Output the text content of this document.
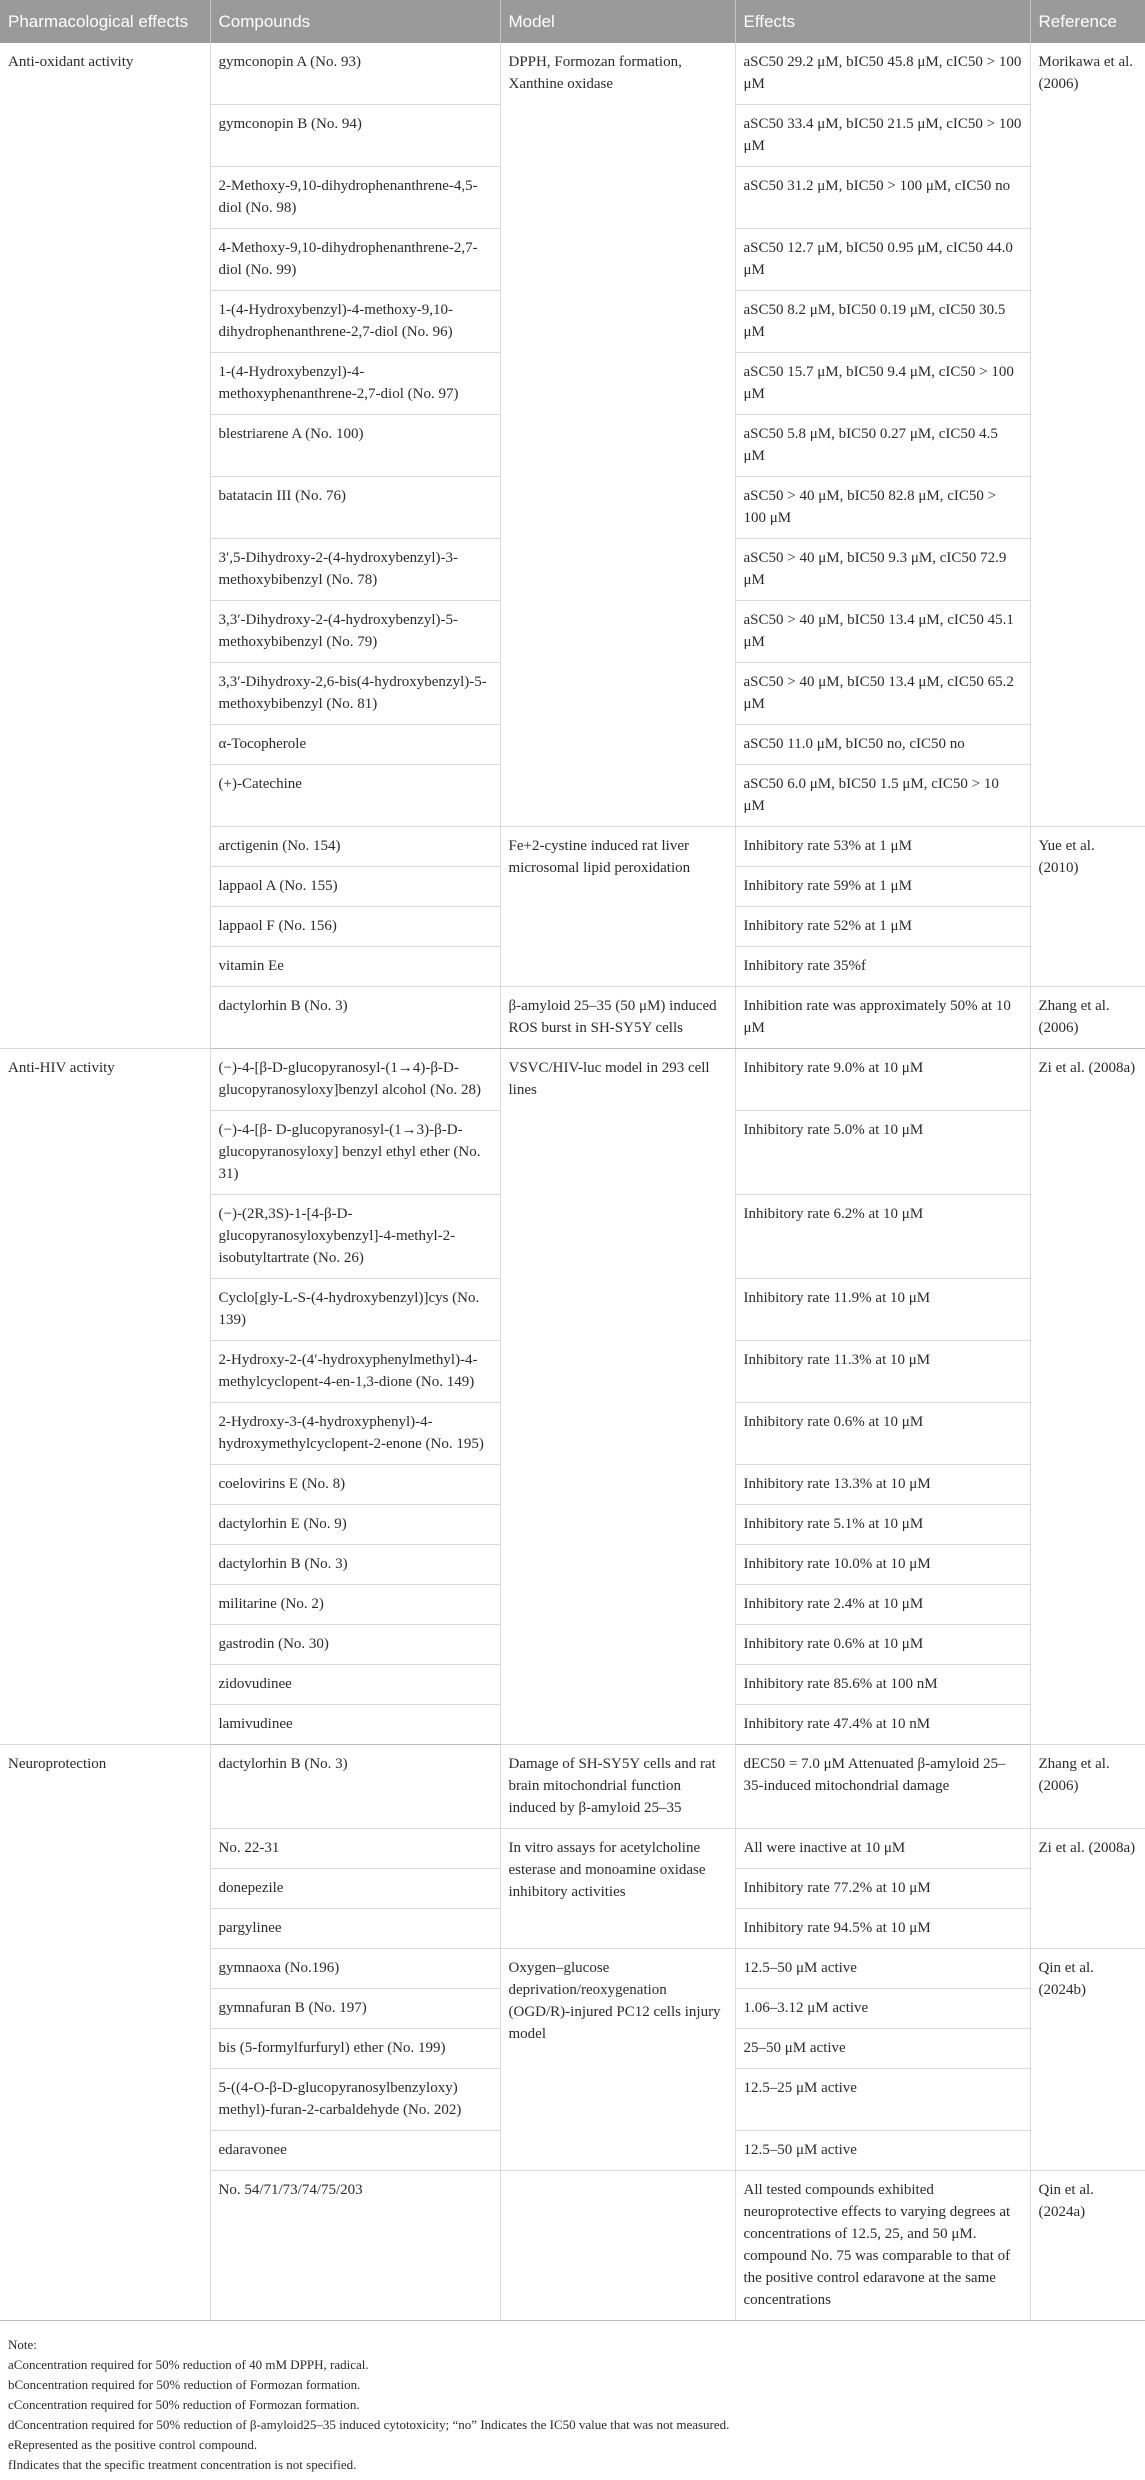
Pharmacological effects	Compounds	Model	Effects	Reference
Anti-oxidant activity	gymconopin A (No. 93)	DPPH, Formozan formation, Xanthine oxidase	aSC50 29.2 μM, bIC50 45.8 μM, cIC50 > 100 μM	Morikawa et al. (2006)
	gymconopin B (No. 94)		aSC50 33.4 μM, bIC50 21.5 μM, cIC50 > 100 μM	
	2-Methoxy-9,10-dihydrophenanthrene-4,5-diol (No. 98)		aSC50 31.2 μM, bIC50 > 100 μM, cIC50 no	
	4-Methoxy-9,10-dihydrophenanthrene-2,7-diol (No. 99)		aSC50 12.7 μM, bIC50 0.95 μM, cIC50 44.0 μM	
	1-(4-Hydroxybenzyl)-4-methoxy-9,10-dihydrophenanthrene-2,7-diol (No. 96)		aSC50 8.2 μM, bIC50 0.19 μM, cIC50 30.5 μM	
	1-(4-Hydroxybenzyl)-4-methoxyphenanthrene-2,7-diol (No. 97)		aSC50 15.7 μM, bIC50 9.4 μM, cIC50 > 100 μM	
	blestriarene A (No. 100)		aSC50 5.8 μM, bIC50 0.27 μM, cIC50 4.5 μM	
	batatacin III (No. 76)		aSC50 > 40 μM, bIC50 82.8 μM, cIC50 > 100 μM	
	3′,5-Dihydroxy-2-(4-hydroxybenzyl)-3-methoxybibenzyl (No. 78)		aSC50 > 40 μM, bIC50 9.3 μM, cIC50 72.9 μM	
	3,3′-Dihydroxy-2-(4-hydroxybenzyl)-5-methoxybibenzyl (No. 79)		aSC50 > 40 μM, bIC50 13.4 μM, cIC50 45.1 μM	
	3,3′-Dihydroxy-2,6-bis(4-hydroxybenzyl)-5-methoxybibenzyl (No. 81)		aSC50 > 40 μM, bIC50 13.4 μM, cIC50 65.2 μM	
	α-Tocopherole		aSC50 11.0 μM, bIC50 no, cIC50 no	
	(+)-Catechine		aSC50 6.0 μM, bIC50 1.5 μM, cIC50 > 10 μM	
	arctigenin (No. 154)	Fe+2-cystine induced rat liver microsomal lipid peroxidation	Inhibitory rate 53% at 1 μM	Yue et al. (2010)
	lappaol A (No. 155)		Inhibitory rate 59% at 1 μM	
	lappaol F (No. 156)		Inhibitory rate 52% at 1 μM	
	vitamin Ee		Inhibitory rate 35%f	
	dactylorhin B (No. 3)	β-amyloid 25–35 (50 μM) induced ROS burst in SH-SY5Y cells	Inhibition rate was approximately 50% at 10 μM	Zhang et al. (2006)
Anti-HIV activity	(−)-4-[β-D-glucopyranosyl-(1→4)-β-D-glucopyranosyloxy]benzyl alcohol (No. 28)	VSVC/HIV-luc model in 293 cell lines	Inhibitory rate 9.0% at 10 μM	Zi et al. (2008a)
	(−)-4-[β- D-glucopyranosyl-(1→3)-β-D-glucopyranosyloxy] benzyl ethyl ether (No. 31)		Inhibitory rate 5.0% at 10 μM	
	(−)-(2R,3S)-1-[4-β-D-glucopyranosyloxybenzyl]-4-methyl-2-isobutyltartrate (No. 26)		Inhibitory rate 6.2% at 10 μM	
	Cyclo[gly-L-S-(4-hydroxybenzyl)]cys (No. 139)		Inhibitory rate 11.9% at 10 μM	
	2-Hydroxy-2-(4′-hydroxyphenylmethyl)-4-methylcyclopent-4-en-1,3-dione (No. 149)		Inhibitory rate 11.3% at 10 μM	
	2-Hydroxy-3-(4-hydroxyphenyl)-4-hydroxymethylcyclopent-2-enone (No. 195)		Inhibitory rate 0.6% at 10 μM	
	coelovirins E (No. 8)		Inhibitory rate 13.3% at 10 μM	
	dactylorhin E (No. 9)		Inhibitory rate 5.1% at 10 μM	
	dactylorhin B (No. 3)		Inhibitory rate 10.0% at 10 μM	
	militarine (No. 2)		Inhibitory rate 2.4% at 10 μM	
	gastrodin (No. 30)		Inhibitory rate 0.6% at 10 μM	
	zidovudinee		Inhibitory rate 85.6% at 100 nM	
	lamivudinee		Inhibitory rate 47.4% at 10 nM	
Neuroprotection	dactylorhin B (No. 3)	Damage of SH-SY5Y cells and rat brain mitochondrial function induced by β-amyloid 25–35	dEC50 = 7.0 μM Attenuated β-amyloid 25–35-induced mitochondrial damage	Zhang et al. (2006)
	No. 22-31	In vitro assays for acetylcholine esterase and monoamine oxidase inhibitory activities	All were inactive at 10 μM	Zi et al. (2008a)
	donepezile		Inhibitory rate 77.2% at 10 μM	
	pargylinee		Inhibitory rate 94.5% at 10 μM	
	gymnaoxa (No.196)	Oxygen–glucose deprivation/reoxygenation (OGD/R)-injured PC12 cells injury model	12.5–50 μM active	Qin et al. (2024b)
	gymnafuran B (No. 197)		1.06–3.12 μM active	
	bis (5-formylfurfuryl) ether (No. 199)		25–50 μM active	
	5-((4-O-β-D-glucopyranosylbenzyloxy) methyl)-furan-2-carbaldehyde (No. 202)		12.5–25 μM active	
	edaravonee		12.5–50 μM active	
	No. 54/71/73/74/75/203		All tested compounds exhibited neuroprotective effects to varying degrees at concentrations of 12.5, 25, and 50 μM. compound No. 75 was comparable to that of the positive control edaravone at the same concentrations	Qin et al. (2024a)
Note:
aConcentration required for 50% reduction of 40 mM DPPH, radical.
bConcentration required for 50% reduction of Formozan formation.
cConcentration required for 50% reduction of Formozan formation.
dConcentration required for 50% reduction of β-amyloid25–35 induced cytotoxicity; “no” Indicates the IC50 value that was not measured.
eRepresented as the positive control compound.
fIndicates that the specific treatment concentration is not specified.
